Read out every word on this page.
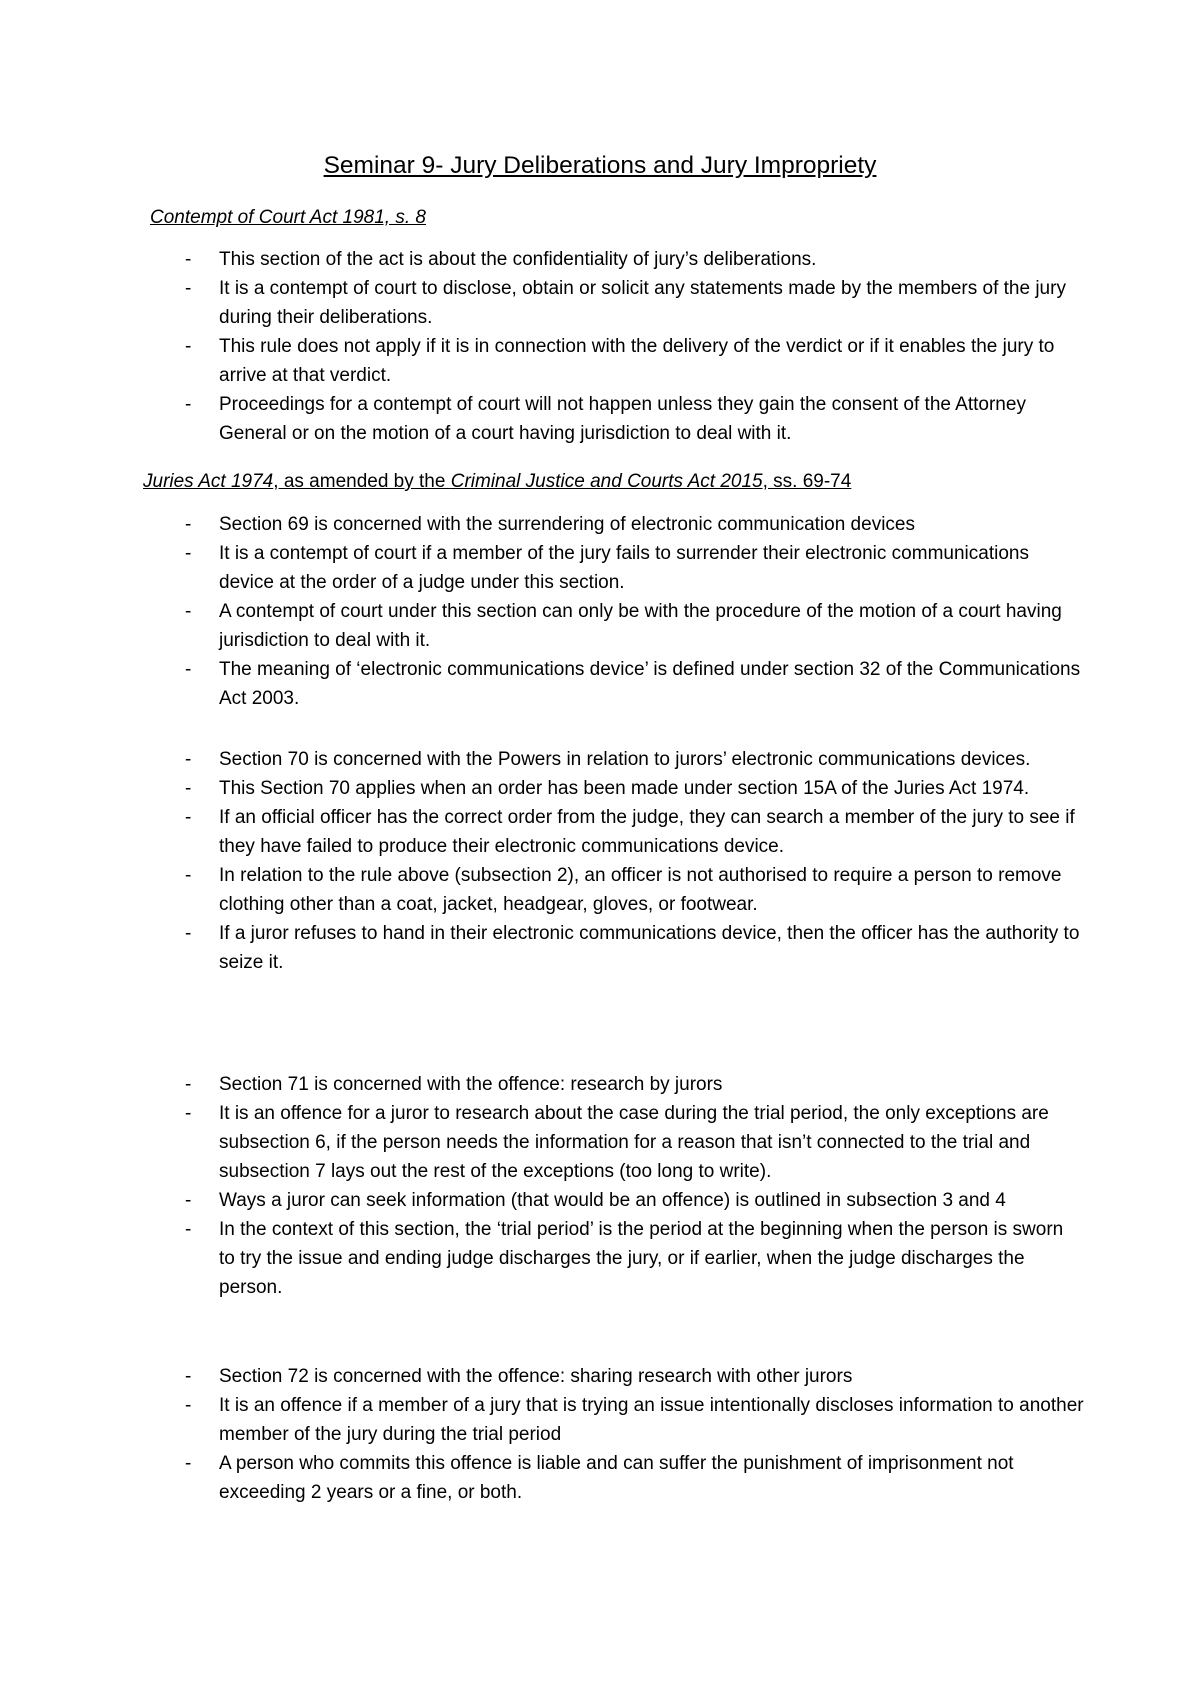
Seminar 9- Jury Deliberations and Jury Impropriety
Contempt of Court Act 1981, s. 8
- This section of the act is about the confidentiality of jury’s deliberations.
- It is a contempt of court to disclose, obtain or solicit any statements made by the members of the jury during their deliberations.
- This rule does not apply if it is in connection with the delivery of the verdict or if it enables the jury to arrive at that verdict.
- Proceedings for a contempt of court will not happen unless they gain the consent of the Attorney General or on the motion of a court having jurisdiction to deal with it.
Juries Act 1974, as amended by the Criminal Justice and Courts Act 2015, ss. 69-74
- Section 69 is concerned with the surrendering of electronic communication devices
- It is a contempt of court if a member of the jury fails to surrender their electronic communications device at the order of a judge under this section.
- A contempt of court under this section can only be with the procedure of the motion of a court having jurisdiction to deal with it.
- The meaning of ‘electronic communications device’ is defined under section 32 of the Communications Act 2003.
- Section 70 is concerned with the Powers in relation to jurors’ electronic communications devices.
- This Section 70 applies when an order has been made under section 15A of the Juries Act 1974.
- If an official officer has the correct order from the judge, they can search a member of the jury to see if they have failed to produce their electronic communications device.
- In relation to the rule above (subsection 2), an officer is not authorised to require a person to remove clothing other than a coat, jacket, headgear, gloves, or footwear.
- If a juror refuses to hand in their electronic communications device, then the officer has the authority to seize it.
- Section 71 is concerned with the offence: research by jurors
- It is an offence for a juror to research about the case during the trial period, the only exceptions are subsection 6, if the person needs the information for a reason that isn’t connected to the trial and subsection 7 lays out the rest of the exceptions (too long to write).
- Ways a juror can seek information (that would be an offence) is outlined in subsection 3 and 4
- In the context of this section, the ‘trial period’ is the period at the beginning when the person is sworn to try the issue and ending judge discharges the jury, or if earlier, when the judge discharges the person.
- Section 72 is concerned with the offence: sharing research with other jurors
- It is an offence if a member of a jury that is trying an issue intentionally discloses information to another member of the jury during the trial period
- A person who commits this offence is liable and can suffer the punishment of imprisonment not exceeding 2 years or a fine, or both.
